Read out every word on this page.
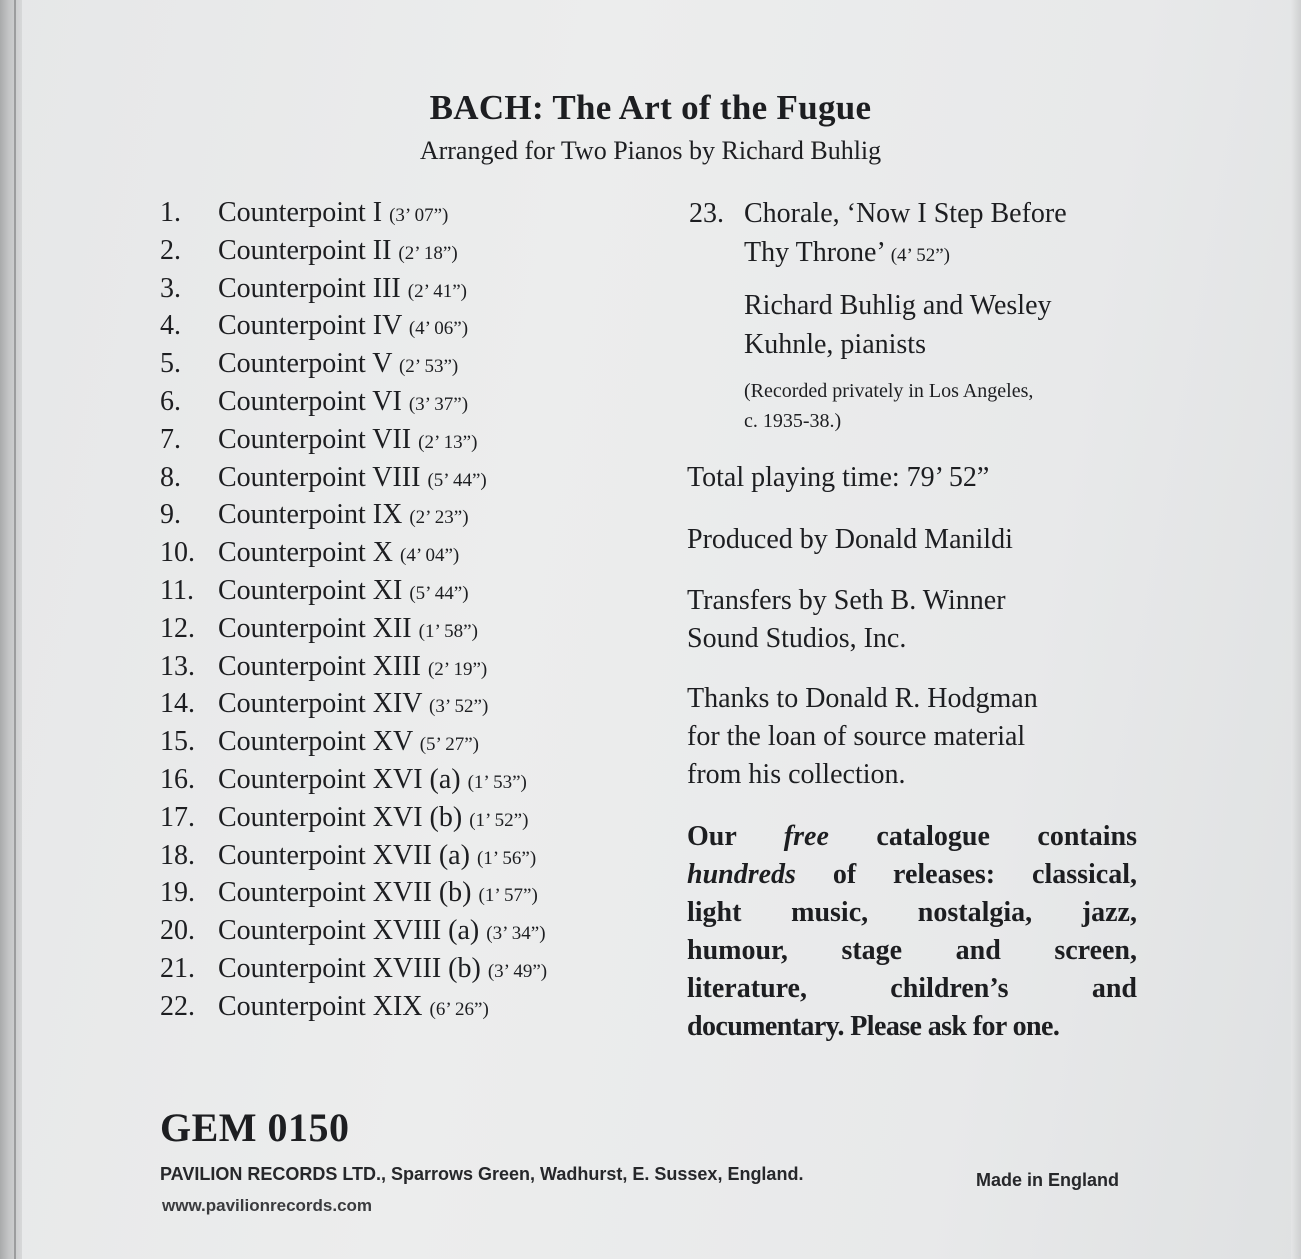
BACH: The Art of the Fugue
Arranged for Two Pianos by Richard Buhlig
1. Counterpoint I (3’ 07”)
2. Counterpoint II (2’ 18”)
3. Counterpoint III (2’ 41”)
4. Counterpoint IV (4’ 06”)
5. Counterpoint V (2’ 53”)
6. Counterpoint VI (3’ 37”)
7. Counterpoint VII (2’ 13”)
8. Counterpoint VIII (5’ 44”)
9. Counterpoint IX (2’ 23”)
10. Counterpoint X (4’ 04”)
11. Counterpoint XI (5’ 44”)
12. Counterpoint XII (1’ 58”)
13. Counterpoint XIII (2’ 19”)
14. Counterpoint XIV (3’ 52”)
15. Counterpoint XV (5’ 27”)
16. Counterpoint XVI (a) (1’ 53”)
17. Counterpoint XVI (b) (1’ 52”)
18. Counterpoint XVII (a) (1’ 56”)
19. Counterpoint XVII (b) (1’ 57”)
20. Counterpoint XVIII (a) (3’ 34”)
21. Counterpoint XVIII (b) (3’ 49”)
22. Counterpoint XIX (6’ 26”)
23. Chorale, ‘Now I Step Before
Thy Throne’ (4’ 52”)
Richard Buhlig and Wesley
Kuhnle, pianists
(Recorded privately in Los Angeles,
c. 1935-38.)
Total playing time: 79’ 52”
Produced by Donald Manildi
Transfers by Seth B. Winner
Sound Studios, Inc.
Thanks to Donald R. Hodgman
for the loan of source material
from his collection.
Our free catalogue contains
hundreds of releases: classical,
light music, nostalgia, jazz,
humour, stage and screen,
literature, children’s and
documentary. Please ask for one.
GEM 0150
PAVILION RECORDS LTD., Sparrows Green, Wadhurst, E. Sussex, England.	Made in England
www.pavilionrecords.com
